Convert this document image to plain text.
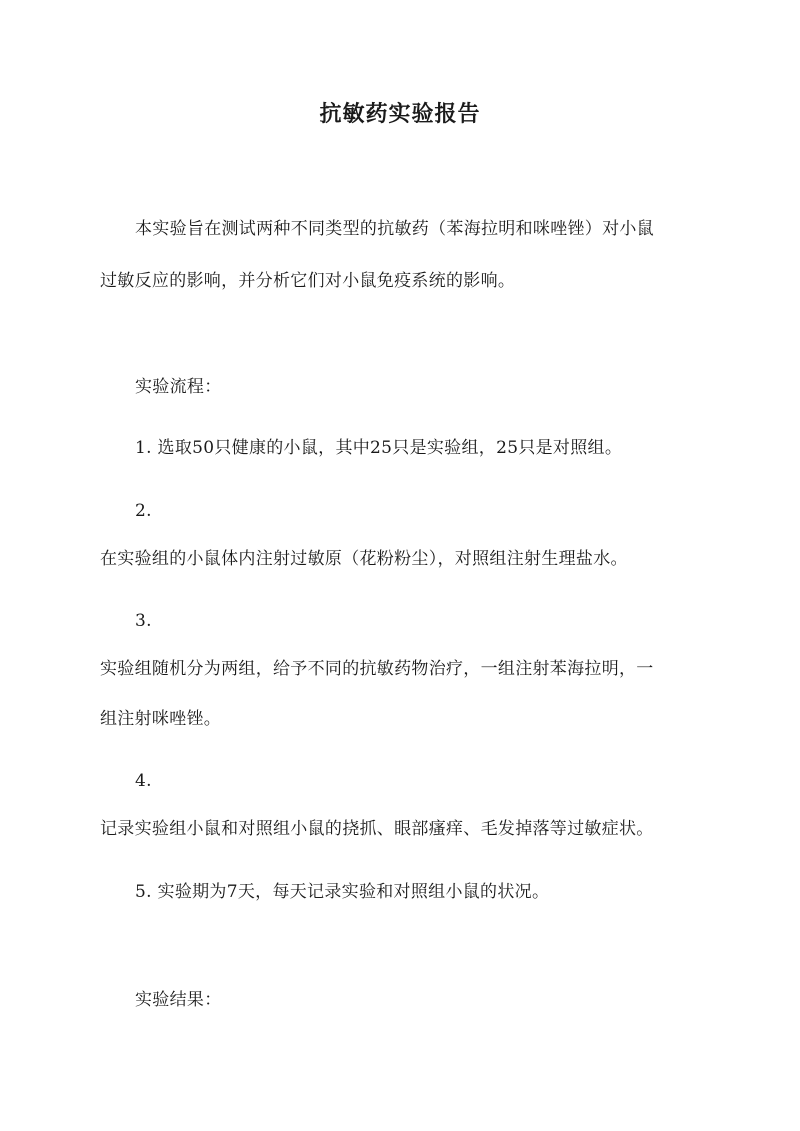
抗敏药实验报告
本实验旨在测试两种不同类型的抗敏药（苯海拉明和咪唑锉）对小鼠
过敏反应的影响，并分析它们对小鼠免疫系统的影响。
实验流程：
1. 选取50只健康的小鼠，其中25只是实验组，25只是对照组。
2.
在实验组的小鼠体内注射过敏原（花粉粉尘），对照组注射生理盐水。
3.
实验组随机分为两组，给予不同的抗敏药物治疗，一组注射苯海拉明，一
组注射咪唑锉。
4.
记录实验组小鼠和对照组小鼠的挠抓、眼部瘙痒、毛发掉落等过敏症状。
5. 实验期为7天，每天记录实验和对照组小鼠的状况。
实验结果：
